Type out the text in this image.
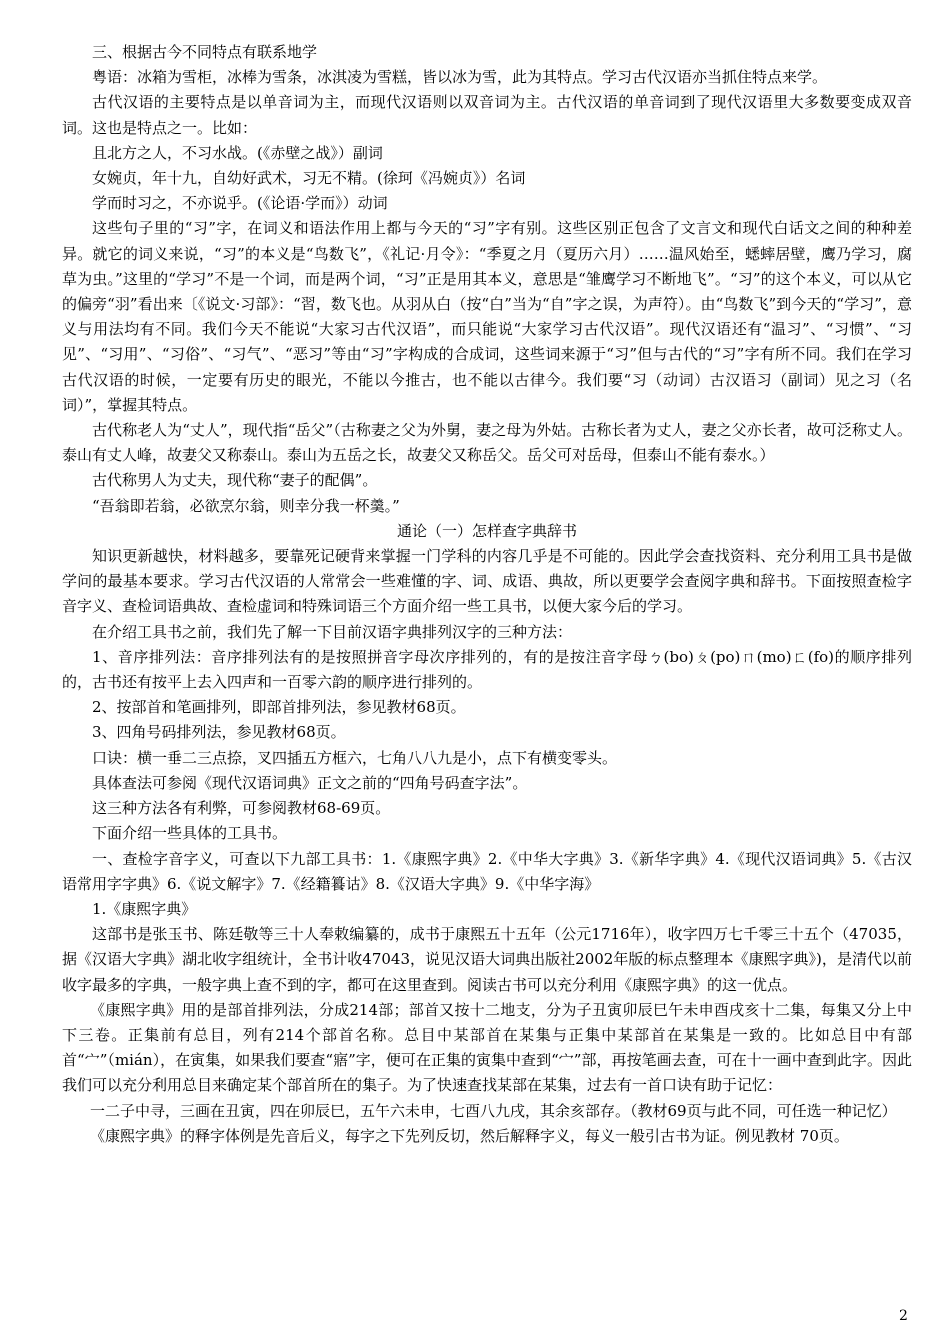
三、根据古今不同特点有联系地学

粤语：冰箱为雪柜，冰棒为雪条，冰淇凌为雪糕，皆以冰为雪，此为其特点。学习古代汉语亦当抓住特点来学。

古代汉语的主要特点是以单音词为主，而现代汉语则以双音词为主。古代汉语的单音词到了现代汉语里大多数要变成双音词。这也是特点之一。比如：

且北方之人，不习水战。(《赤壁之战》）副词

女婉贞，年十九，自幼好武术，习无不精。(徐珂《冯婉贞》）名词

学而时习之，不亦说乎。(《论语·学而》）动词

这些句子里的“习”字，在词义和语法作用上都与今天的“习”字有别。这些区别正包含了文言文和现代白话文之间的种种差异。就它的词义来说，“习”的本义是“鸟数飞”，《礼记·月令》：“季夏之月（夏历六月）……温风始至，蟋蟀居壁，鹰乃学习，腐草为虫。”这里的“学习”不是一个词，而是两个词，“习”正是用其本义，意思是“雏鹰学习不断地飞”。“习”的这个本义，可以从它的偏旁“羽”看出来〔《说文·习部》：“習，数飞也。从羽从白（按“白”当为“自”字之误，为声符）。由“鸟数飞”到今天的“学习”，意义与用法均有不同。我们今天不能说“大家习古代汉语”，而只能说“大家学习古代汉语”。现代汉语还有“温习”、“习惯”、“习见”、“习用”、“习俗”、“习气”、“恶习”等由“习”字构成的合成词，这些词来源于“习”但与古代的“习”字有所不同。我们在学习古代汉语的时候，一定要有历史的眼光，不能以今推古，也不能以古律今。我们要“习（动词）古汉语习（副词）见之习（名词）”，掌握其特点。

古代称老人为“丈人”，现代指“岳父”（古称妻之父为外舅，妻之母为外姑。古称长者为丈人，妻之父亦长者，故可泛称丈人。泰山有丈人峰，故妻父又称泰山。泰山为五岳之长，故妻父又称岳父。岳父可对岳母，但泰山不能有泰水。）

古代称男人为丈夫，现代称“妻子的配偶”。

“吾翁即若翁，必欲烹尔翁，则幸分我一杯羹。”

通论（一）怎样查字典辞书

知识更新越快，材料越多，要靠死记硬背来掌握一门学科的内容几乎是不可能的。因此学会查找资料、充分利用工具书是做学问的最基本要求。学习古代汉语的人常常会一些难懂的字、词、成语、典故，所以更要学会查阅字典和辞书。下面按照查检字音字义、查检词语典故、查检虚词和特殊词语三个方面介绍一些工具书，以便大家今后的学习。

在介绍工具书之前，我们先了解一下目前汉语字典排列汉字的三种方法：

1、音序排列法：音序排列法有的是按照拼音字母次序排列的，有的是按注音字母ㄅ(bo)ㄆ(po)ㄇ(mo)ㄈ(fo)的顺序排列的，古书还有按平上去入四声和一百零六韵的顺序进行排列的。

2、按部首和笔画排列，即部首排列法，参见教材68页。

3、四角号码排列法，参见教材68页。

口诀：横一垂二三点捺，叉四插五方框六，七角八八九是小，点下有横变零头。

具体查法可参阅《现代汉语词典》正文之前的“四角号码查字法”。

这三种方法各有利弊，可参阅教材68-69页。

下面介绍一些具体的工具书。

一、查检字音字义，可查以下九部工具书：1.《康熙字典》2.《中华大字典》3.《新华字典》4.《现代汉语词典》5.《古汉语常用字字典》6.《说文解字》7.《经籍籑诂》8.《汉语大字典》9.《中华字海》

1.《康熙字典》

这部书是张玉书、陈廷敬等三十人奉敕编纂的，成书于康熙五十五年（公元1716年），收字四万七千零三十五个（47035，据《汉语大字典》湖北收字组统计，全书计收47043，说见汉语大词典出版社2002年版的标点整理本《康熙字典》)，是清代以前收字最多的字典，一般字典上查不到的字，都可在这里查到。阅读古书可以充分利用《康熙字典》的这一优点。

《康熙字典》用的是部首排列法，分成214部；部首又按十二地支，分为子丑寅卯辰巳午未申酉戌亥十二集，每集又分上中下三卷。正集前有总目，列有214个部首名称。总目中某部首在某集与正集中某部首在某集是一致的。比如总目中有部首“宀”（mián），在寅集，如果我们要查“寤”字，便可在正集的寅集中查到“宀”部，再按笔画去查，可在十一画中查到此字。因此我们可以充分利用总目来确定某个部首所在的集子。为了快速查找某部在某集，过去有一首口诀有助于记忆：

一二子中寻，三画在丑寅，四在卯辰巳，五午六未申，七酉八九戌，其余亥部存。（教材69页与此不同，可任选一种记忆）

《康熙字典》的释字体例是先音后义，每字之下先列反切，然后解释字义，每义一般引古书为证。例见教材 70页。

2
